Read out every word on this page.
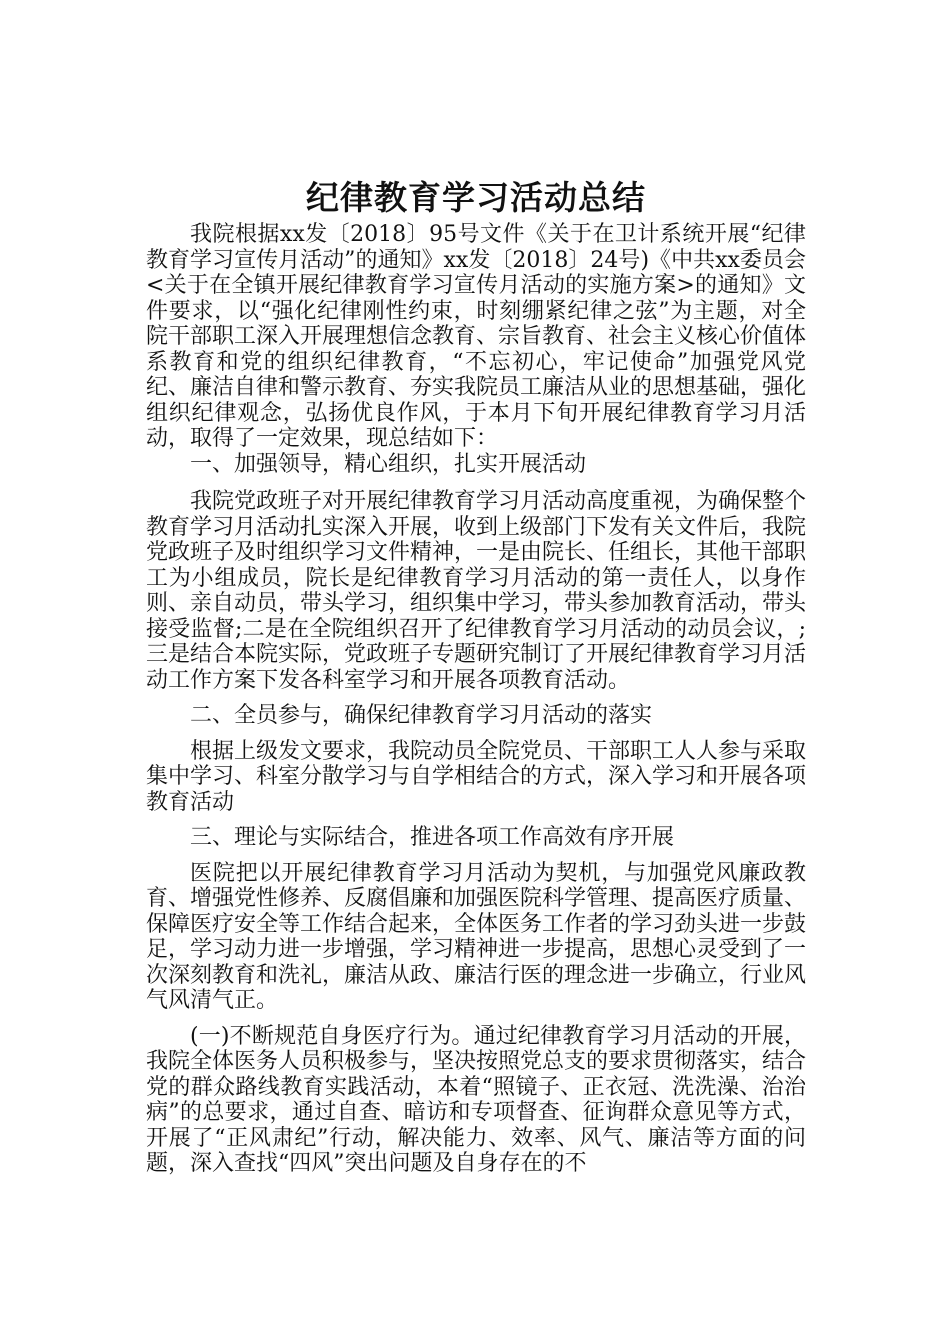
纪律教育学习活动总结

我院根据xx发〔2018〕95号文件《关于在卫计系统开展“纪律教育学习宣传月活动”的通知》xx发〔2018〕24号)《中共xx委员会<关于在全镇开展纪律教育学习宣传月活动的实施方案>的通知》文件要求，以“强化纪律刚性约束，时刻绷紧纪律之弦”为主题，对全院干部职工深入开展理想信念教育、宗旨教育、社会主义核心价值体系教育和党的组织纪律教育，“不忘初心，牢记使命”加强党风党纪、廉洁自律和警示教育、夯实我院员工廉洁从业的思想基础，强化组织纪律观念，弘扬优良作风，于本月下旬开展纪律教育学习月活动，取得了一定效果，现总结如下：

一、加强领导，精心组织，扎实开展活动

我院党政班子对开展纪律教育学习月活动高度重视，为确保整个教育学习月活动扎实深入开展，收到上级部门下发有关文件后，我院党政班子及时组织学习文件精神，一是由院长、任组长，其他干部职工为小组成员，院长是纪律教育学习月活动的第一责任人，以身作则、亲自动员，带头学习，组织集中学习，带头参加教育活动，带头接受监督;二是在全院组织召开了纪律教育学习月活动的动员会议，;三是结合本院实际，党政班子专题研究制订了开展纪律教育学习月活动工作方案下发各科室学习和开展各项教育活动。

二、全员参与，确保纪律教育学习月活动的落实

根据上级发文要求，我院动员全院党员、干部职工人人参与采取集中学习、科室分散学习与自学相结合的方式，深入学习和开展各项教育活动

三、理论与实际结合，推进各项工作高效有序开展

医院把以开展纪律教育学习月活动为契机，与加强党风廉政教育、增强党性修养、反腐倡廉和加强医院科学管理、提高医疗质量、保障医疗安全等工作结合起来，全体医务工作者的学习劲头进一步鼓足，学习动力进一步增强，学习精神进一步提高，思想心灵受到了一次深刻教育和洗礼，廉洁从政、廉洁行医的理念进一步确立，行业风气风清气正。

(一)不断规范自身医疗行为。通过纪律教育学习月活动的开展，我院全体医务人员积极参与，坚决按照党总支的要求贯彻落实，结合党的群众路线教育实践活动，本着“照镜子、正衣冠、洗洗澡、治治病”的总要求，通过自查、暗访和专项督查、征询群众意见等方式，开展了“正风肃纪”行动，解决能力、效率、风气、廉洁等方面的问题，深入查找“四风”突出问题及自身存在的不
